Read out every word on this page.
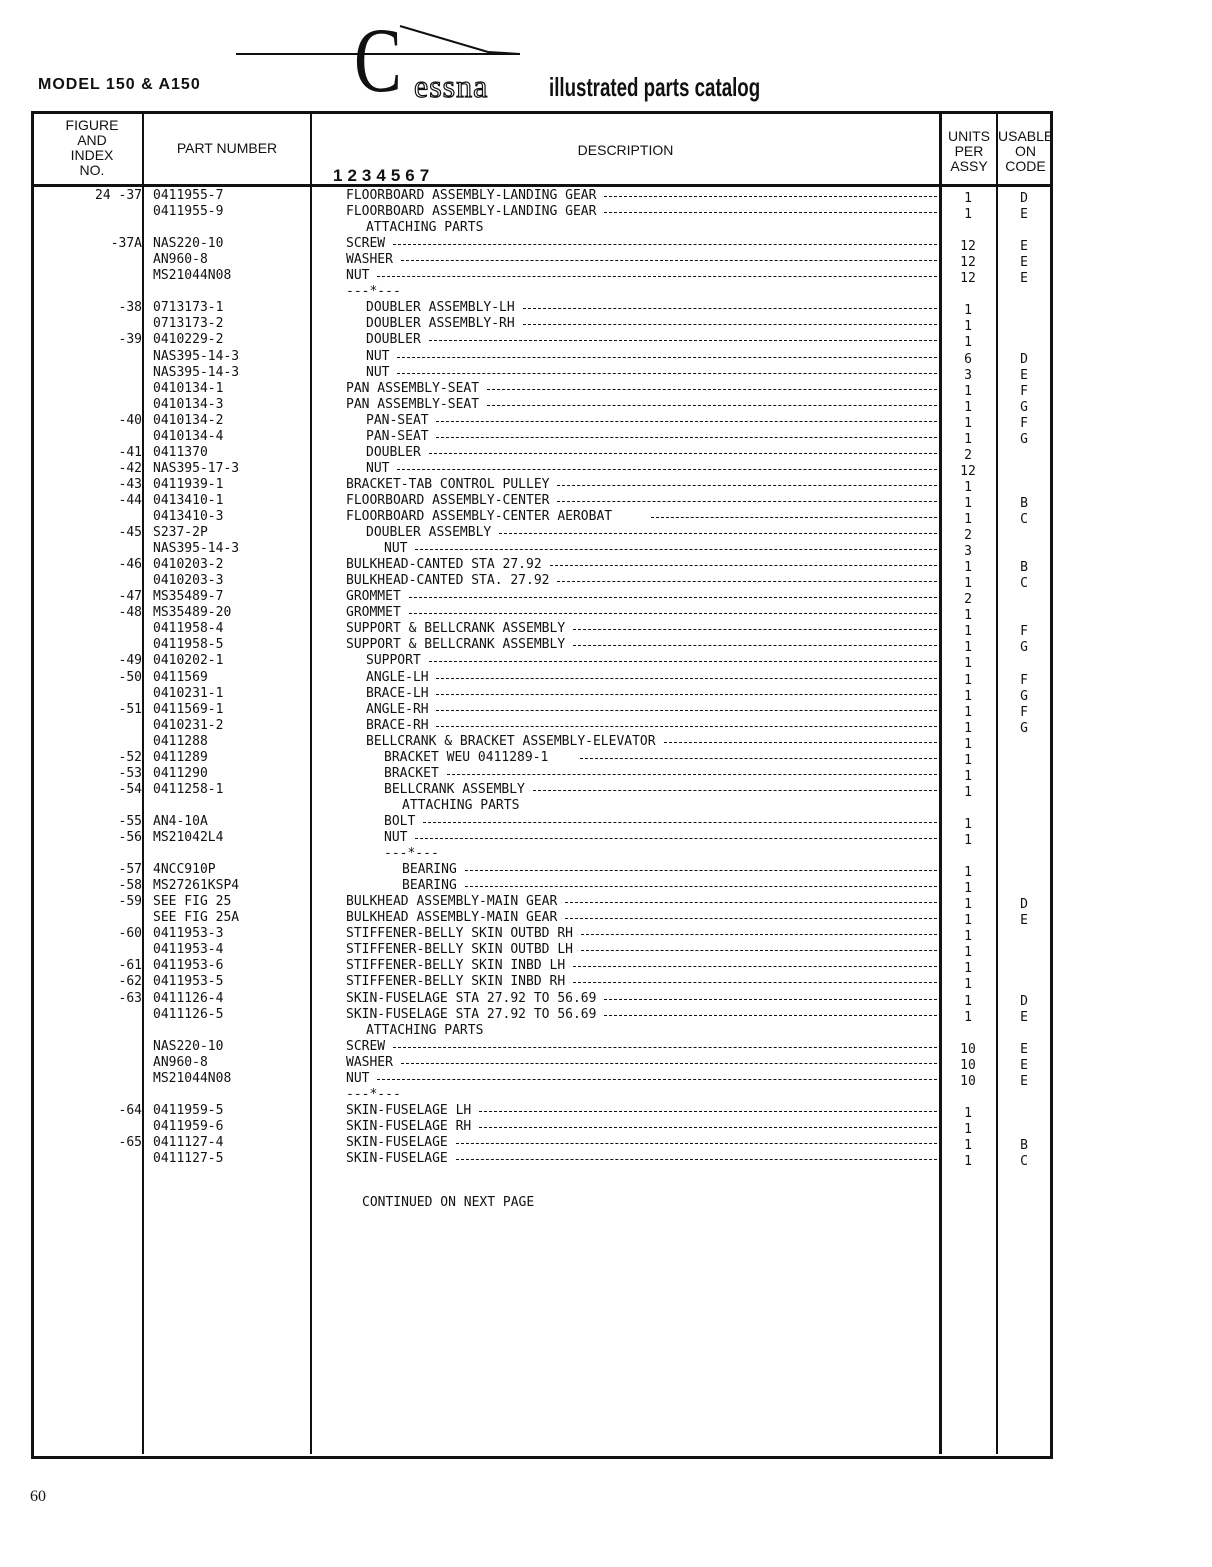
MODEL 150 & A150 C essna illustrated parts catalog
FIGURE
AND
INDEX
NO.
PART NUMBER	DESCRIPTION
1234567
UNITS
PER
ASSY
USABLE
ON
CODE
24 -37 0411955-7	FLOORBOARD ASSEMBLY-LANDING GEAR	1	D
0411955-9	FLOORBOARD ASSEMBLY-LANDING GEAR	1	E
ATTACHING PARTS
-37A NAS220-10	SCREW	12	E
AN960-8	WASHER	12	E
MS21044N08	NUT	12	E
---*---
-38 0713173-1	DOUBLER ASSEMBLY-LH	1
0713173-2	DOUBLER ASSEMBLY-RH	1
-39 0410229-2	DOUBLER	1
NAS395-14-3	NUT	6	D
NAS395-14-3	NUT	3	E
0410134-1	PAN ASSEMBLY-SEAT	1	F
0410134-3	PAN ASSEMBLY-SEAT	1	G
-40 0410134-2	PAN-SEAT	1	F
0410134-4	PAN-SEAT	1	G
-41 0411370	DOUBLER	2
-42 NAS395-17-3	NUT	12
-43 0411939-1	BRACKET-TAB CONTROL PULLEY	1
-44 0413410-1	FLOORBOARD ASSEMBLY-CENTER	1	B
0413410-3	FLOORBOARD ASSEMBLY-CENTER AEROBAT	1	C
-45 S237-2P	DOUBLER ASSEMBLY	2
NAS395-14-3	NUT	3
-46 0410203-2	BULKHEAD-CANTED STA 27.92	1	B
0410203-3	BULKHEAD-CANTED STA. 27.92	1	C
-47 MS35489-7	GROMMET	2
-48 MS35489-20	GROMMET	1
0411958-4	SUPPORT & BELLCRANK ASSEMBLY	1	F
0411958-5	SUPPORT & BELLCRANK ASSEMBLY	1	G
-49 0410202-1	SUPPORT	1
-50 0411569	ANGLE-LH	1	F
0410231-1	BRACE-LH	1	G
-51 0411569-1	ANGLE-RH	1	F
0410231-2	BRACE-RH	1	G
0411288	BELLCRANK & BRACKET ASSEMBLY-ELEVATOR	1
-52 0411289	BRACKET WEU 0411289-1	1
-53 0411290	BRACKET	1
-54 0411258-1	BELLCRANK ASSEMBLY	1
ATTACHING PARTS
-55 AN4-10A	BOLT	1
-56 MS21042L4	NUT	1
---*---
-57 4NCC910P	BEARING	1
-58 MS27261KSP4	BEARING	1
-59 SEE FIG 25	BULKHEAD ASSEMBLY-MAIN GEAR	1	D
SEE FIG 25A	BULKHEAD ASSEMBLY-MAIN GEAR	1	E
-60 0411953-3	STIFFENER-BELLY SKIN OUTBD RH	1
0411953-4	STIFFENER-BELLY SKIN OUTBD LH	1
-61 0411953-6	STIFFENER-BELLY SKIN INBD LH	1
-62 0411953-5	STIFFENER-BELLY SKIN INBD RH	1
-63 0411126-4	SKIN-FUSELAGE STA 27.92 TO 56.69	1	D
0411126-5	SKIN-FUSELAGE STA 27.92 TO 56.69	1	E
ATTACHING PARTS
NAS220-10	SCREW	10	E
AN960-8	WASHER	10	E
MS21044N08	NUT	10	E
---*---
-64 0411959-5	SKIN-FUSELAGE LH	1
0411959-6	SKIN-FUSELAGE RH	1
-65 0411127-4	SKIN-FUSELAGE	1	B
0411127-5	SKIN-FUSELAGE	1	C
CONTINUED ON NEXT PAGE
60
